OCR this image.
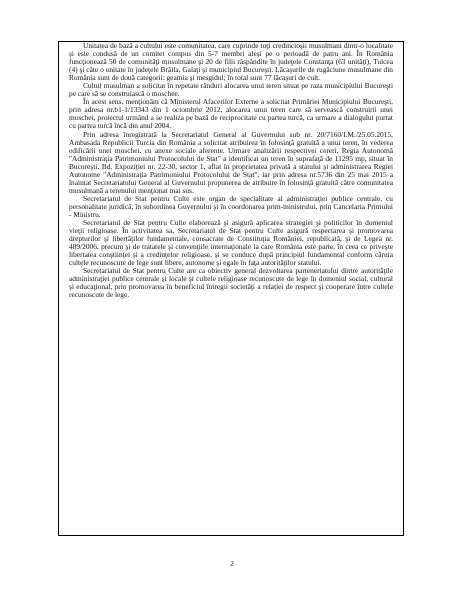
Unitatea de bază a cultului este comunitatea, care cuprinde toţi credincioşii musulmani dintr-o localitate şi este condusă de un comitet compus din 5-7 membri aleşi pe o perioadă de patru ani. În România funcţionează 50 de comunităţi musulmane şi 20 de filii răspândite în judeţele Constanţa (63 unităţi), Tulcea (4) şi câte o unitate în judeţele Brăila, Galaţi şi municipiul Bucureşti. Lăcaşurile de rugăciune musulmane din România sunt de două categorii: geamia şi mesgidul; în total sunt 77 lăcaşuri de cult.

Cultul musulman a solicitat în repetate rânduri alocarea unui teren situat pe raza municipiului Bucureşti pe care să se construiască o moschee.

În acest sens, menţionăm că Ministerul Afacerilor Externe a solicitat Primăriei Municipiului Bucureşti, prin adresa nr.b1-1/13343 din 1 octombrie 2012, alocarea unui teren care să servească construirii unei moschei, proiectul urmând a se realiza pe bază de reciprocitate cu partea turcă, ca urmare a dialogului purtat cu partea turcă încă din anul 2004.

Prin adresa înregistrată la Secretariatul General al Guvernului sub nr. 20/7160/I.M./25.05.2015, Ambasada Republicii Turcia din România a solicitat atribuirea în folosinţă gratuită a unui teren, în vederea edificării unei moschei, cu anexe sociale aferente. Urmare analizării respectivei cereri, Regia Autonomă "Administraţia Patrimoniului Protocolului de Stat" a identificat un teren în suprafaţă de 11295 mp, situat în Bucureşti, Bd. Expoziţiei nr. 22-30, sector 1, aflat în proprietatea privată a statului şi administrarea Regiei Autonome "Administraţia Patrimoniului Protocolului de Stat", iar prin adresa nr.5736 din 25 mai 2015 a înaintat Secretariatului General al Guvernului propunerea de atribuire în folosinţă gratuită către comunitatea musulmană a terenului menţionat mai sus.

Secretariatul de Stat pentru Culte este organ de specialitate al administraţiei publice centrale, cu personalitate juridică, în subordinea Guvernului şi în coordonarea prim-ministrului, prin Cancelaria Primului - Ministru.

Secretariatul de Stat pentru Culte elaborează şi asigură aplicarea strategiei şi politicilor în domeniul vieţii religioase. În activitatea sa, Secretariatul de Stat pentru Culte asigură respectarea şi promovarea drepturilor şi libertăţilor fundamentale, consacrate de Constituţia României, republicată, şi de Legea nr. 489/2006, precum şi de tratatele şi convenţiile internaţionale la care România este parte, în ceea ce priveşte libertatea conştiinţei şi a credinţelor religioase, şi se conduce după principiul fundamental conform căruia cultele recunoscute de lege sunt libere, autonome şi egale în faţa autorităţilor statului.

Secretariatul de Stat pentru Culte are ca obiectiv general dezvoltarea parteneriatului dintre autorităţile administraţiei publice centrale şi locale şi cultele religioase recunoscute de lege în domeniul social, cultural şi educaţional, prin promovarea în beneficiul întregii societăţi a relaţiei de respect şi cooperare între cultele recunoscute de lege.

2
